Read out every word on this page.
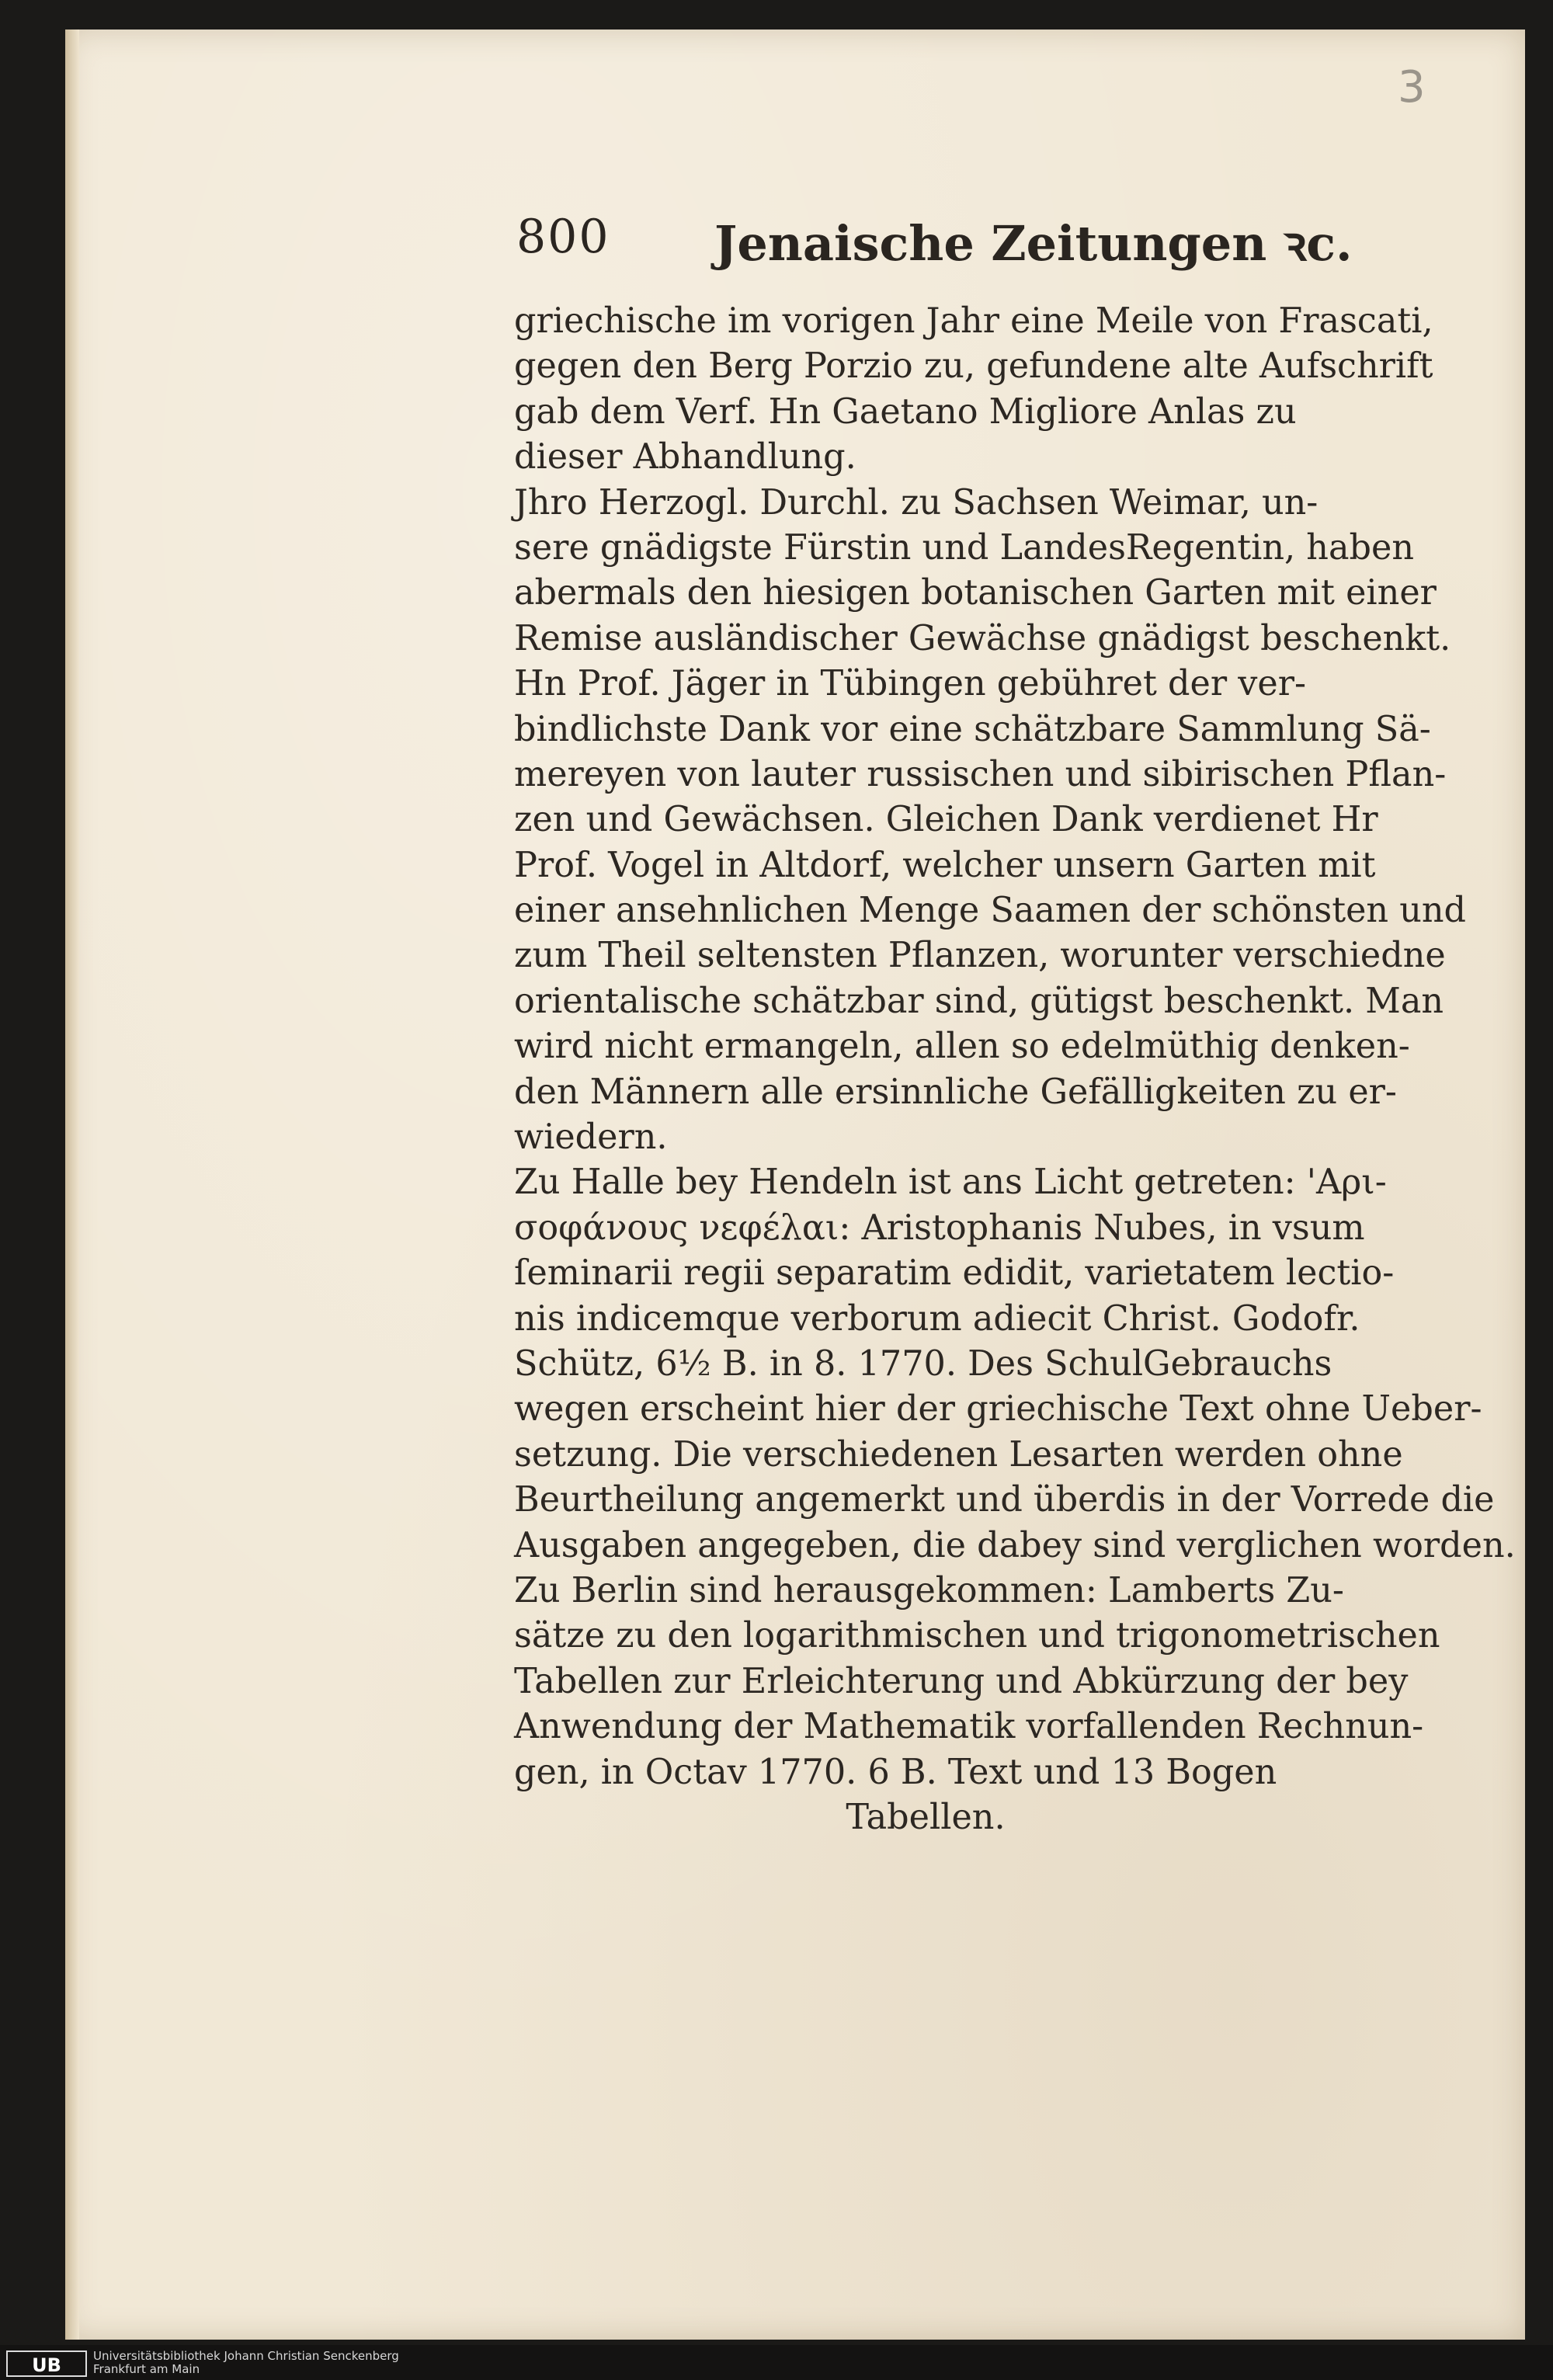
3
800 Jenaische Zeitungen ꝛc.
griechische im vorigen Jahr eine Meile von Frascati,
gegen den Berg Porzio zu, gefundene alte Aufschrift
gab dem Verf. Hn Gaetano Migliore Anlas zu
dieser Abhandlung.
Jhro Herzogl. Durchl. zu Sachsen Weimar, un-
sere gnädigste Fürstin und LandesRegentin, haben
abermals den hiesigen botanischen Garten mit einer
Remise ausländischer Gewächse gnädigst beschenkt.
Hn Prof. Jäger in Tübingen gebühret der ver-
bindlichste Dank vor eine schätzbare Sammlung Sä-
mereyen von lauter russischen und sibirischen Pflan-
zen und Gewächsen. Gleichen Dank verdienet Hr
Prof. Vogel in Altdorf, welcher unsern Garten mit
einer ansehnlichen Menge Saamen der schönsten und
zum Theil seltensten Pflanzen, worunter verschiedne
orientalische schätzbar sind, gütigst beschenkt. Man
wird nicht ermangeln, allen so edelmüthig denken-
den Männern alle ersinnliche Gefälligkeiten zu er-
wiedern.
Zu Halle bey Hendeln ist ans Licht getreten: 'Aρι-
σοφάνους νεφέλαι: Aristophanis Nubes, in vsum
ſeminarii regii separatim edidit, varietatem lectio-
nis indicemque verborum adiecit Christ. Godofr.
Schütz, 6½ B. in 8. 1770. Des SchulGebrauchs
wegen erscheint hier der griechische Text ohne Ueber-
setzung. Die verschiedenen Lesarten werden ohne
Beurtheilung angemerkt und überdis in der Vorrede die
Ausgaben angegeben, die dabey sind verglichen worden.
Zu Berlin sind herausgekommen: Lamberts Zu-
sätze zu den logarithmischen und trigonometrischen
Tabellen zur Erleichterung und Abkürzung der bey
Anwendung der Mathematik vorfallenden Rechnun-
gen, in Octav 1770. 6 B. Text und 13 Bogen
Tabellen.
UB	Universitätsbibliothek Johann Christian Senckenberg
Frankfurt am Main
